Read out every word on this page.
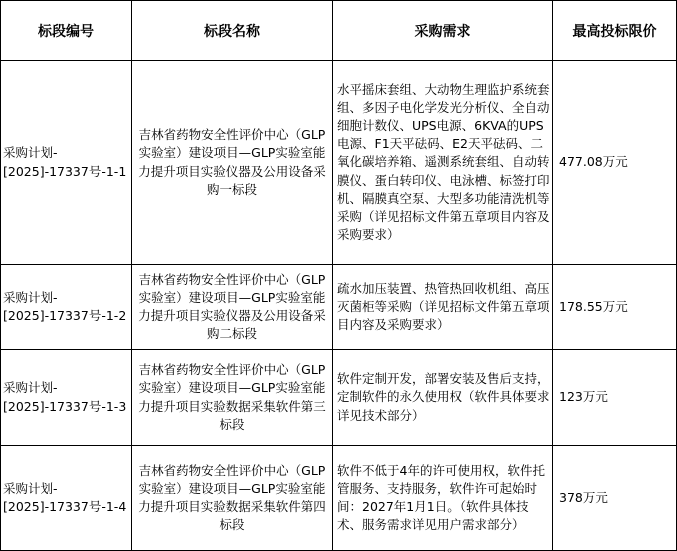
标段编号	标段名称	采购需求	最高投标限价
采购计划-[2025]-17337号-1-1	吉林省药物安全性评价中心（GLP实验室）建设项目—GLP实验室能力提升项目实验仪器及公用设备采购一标段	水平摇床套组、大动物生理监护系统套组、多因子电化学发光分析仪、全自动细胞计数仪、UPS电源、6KVA的UPS电源、F1天平砝码、E2天平砝码、二氧化碳培养箱、遥测系统套组、自动转膜仪、蛋白转印仪、电泳槽、标签打印机、隔膜真空泵、大型多功能清洗机等采购（详见招标文件第五章项目内容及采购要求）	477.08万元
采购计划-[2025]-17337号-1-2	吉林省药物安全性评价中心（GLP实验室）建设项目—GLP实验室能力提升项目实验仪器及公用设备采购二标段	疏水加压装置、热管热回收机组、高压灭菌柜等采购（详见招标文件第五章项目内容及采购要求）	178.55万元
采购计划-[2025]-17337号-1-3	吉林省药物安全性评价中心（GLP实验室）建设项目—GLP实验室能力提升项目实验数据采集软件第三标段	软件定制开发，部署安装及售后支持，定制软件的永久使用权（软件具体要求详见技术部分）	123万元
采购计划-[2025]-17337号-1-4	吉林省药物安全性评价中心（GLP实验室）建设项目—GLP实验室能力提升项目实验数据采集软件第四标段	软件不低于4年的许可使用权，软件托管服务、支持服务，软件许可起始时间：2027年1月1日。（软件具体技术、服务需求详见用户需求部分）	378万元
